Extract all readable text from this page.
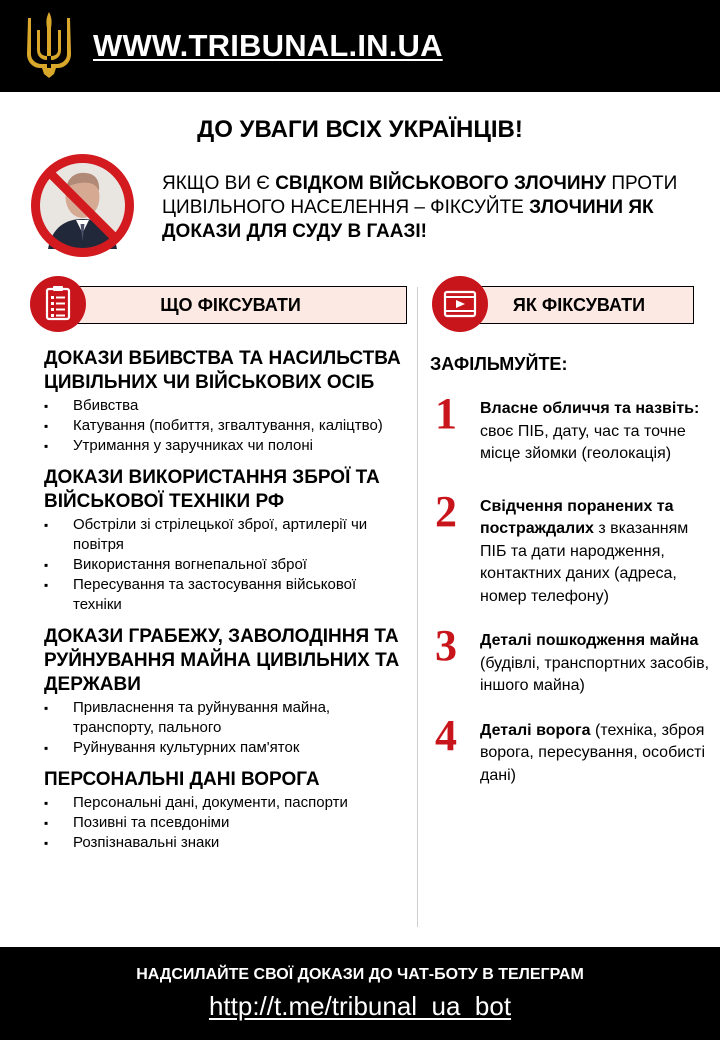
WWW.TRIBUNAL.IN.UA
ДО УВАГИ ВСІХ УКРАЇНЦІВ!
ЯКЩО ВИ Є СВІДКОМ ВІЙСЬКОВОГО ЗЛОЧИНУ ПРОТИ ЦИВІЛЬНОГО НАСЕЛЕННЯ – ФІКСУЙТЕ ЗЛОЧИНИ ЯК ДОКАЗИ ДЛЯ СУДУ В ГААЗІ!
ЩО ФІКСУВАТИ	ЯК ФІКСУВАТИ
ДОКАЗИ ВБИВСТВА ТА НАСИЛЬСТВА ЦИВІЛЬНИХ ЧИ ВІЙСЬКОВИХ ОСІБ
▪ Вбивства
▪ Катування (побиття, згвалтування, каліцтво)
▪ Утримання у заручниках чи полоні
ДОКАЗИ ВИКОРИСТАННЯ ЗБРОЇ ТА ВІЙСЬКОВОЇ ТЕХНІКИ РФ
▪ Обстріли зі стрілецької зброї, артилерії чи повітря
▪ Використання вогнепальної зброї
▪ Пересування та застосування військової техніки
ДОКАЗИ ГРАБЕЖУ, ЗАВОЛОДІННЯ ТА РУЙНУВАННЯ МАЙНА ЦИВІЛЬНИХ ТА ДЕРЖАВИ
▪ Привласнення та руйнування майна, транспорту, пального
▪ Руйнування культурних пам'яток
ПЕРСОНАЛЬНІ ДАНІ ВОРОГА
▪ Персональні дані, документи, паспорти
▪ Позивні та псевдоніми
▪ Розпізнавальні знаки
ЗАФІЛЬМУЙТЕ:
1 Власне обличчя та назвіть: своє ПІБ, дату, час та точне місце зйомки (геолокація)
2 Свідчення поранених та постраждалих з вказанням ПІБ та дати народження, контактних даних (адреса, номер телефону)
3 Деталі пошкодження майна (будівлі, транспортних засобів, іншого майна)
4 Деталі ворога (техніка, зброя ворога, пересування, особисті дані)
НАДСИЛАЙТЕ СВОЇ ДОКАЗИ ДО ЧАТ-БОТУ В ТЕЛЕГРАМ
http://t.me/tribunal_ua_bot
